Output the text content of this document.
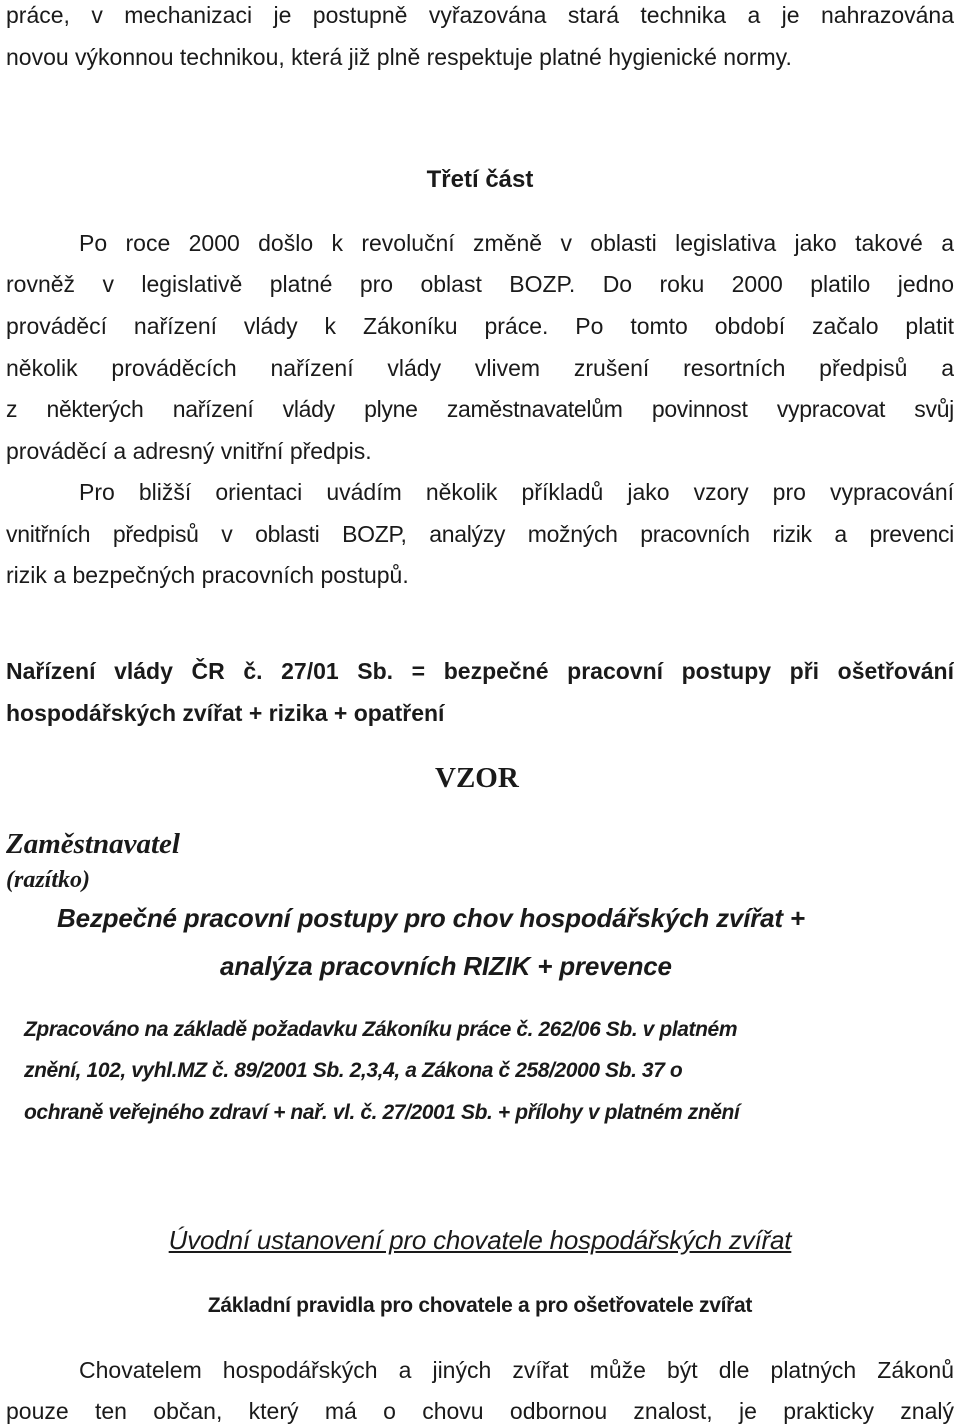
práce, v mechanizaci je postupně vyřazována stará technika a je nahrazována
novou výkonnou technikou, která již plně respektuje platné hygienické normy.
Třetí část
Po roce 2000 došlo k revoluční změně v oblasti legislativa jako takové a
rovněž v legislativě platné pro oblast BOZP. Do roku 2000 platilo jedno
prováděcí nařízení vlády k Zákoníku práce. Po tomto období začalo platit
několik prováděcích nařízení vlády vlivem zrušení resortních předpisů a
z některých nařízení vlády plyne zaměstnavatelům povinnost vypracovat svůj
prováděcí a adresný vnitřní předpis.
Pro bližší orientaci uvádím několik příkladů jako vzory pro vypracování
vnitřních předpisů v oblasti BOZP, analýzy možných pracovních rizik a prevenci
rizik a bezpečných pracovních postupů.
Nařízení vlády ČR č. 27/01 Sb. = bezpečné pracovní postupy při ošetřování
hospodářských zvířat + rizika + opatření
VZOR
Zaměstnavatel
(razítko)
Bezpečné pracovní postupy pro chov hospodářských zvířat +
analýza pracovních RIZIK + prevence
Zpracováno na základě požadavku Zákoníku práce č. 262/06 Sb. v platném
znění, 102, vyhl.MZ č. 89/2001 Sb. 2,3,4, a Zákona č 258/2000 Sb. 37 o
ochraně veřejného zdraví + nař. vl. č. 27/2001 Sb. + přílohy v platném znění
Úvodní ustanovení pro chovatele hospodářských zvířat
Základní pravidla pro chovatele a pro ošetřovatele zvířat
Chovatelem hospodářských a jiných zvířat může být dle platných Zákonů
pouze ten občan, který má o chovu odbornou znalost, je prakticky znalý
